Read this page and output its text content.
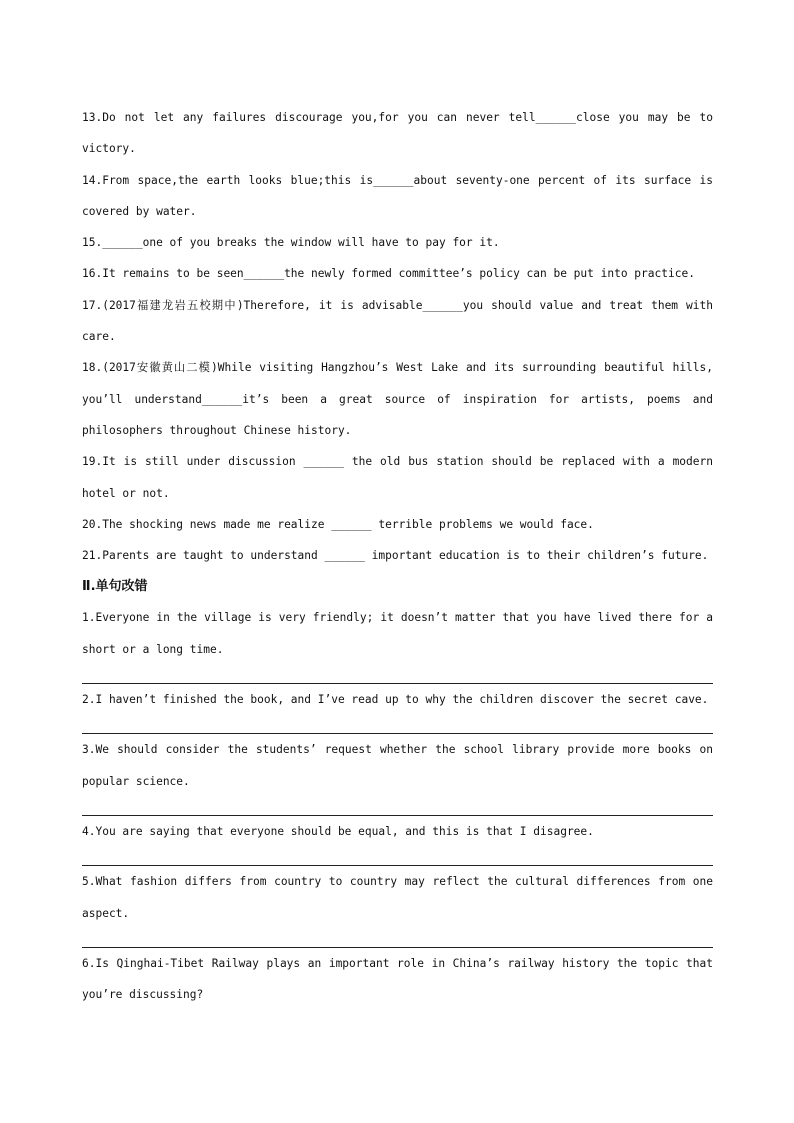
13.Do not let any failures discourage you,for you can never tell______close you may be to victory.
14.From space,the earth looks blue;this is______about seventy-one percent of its surface is covered by water.
15.______one of you breaks the window will have to pay for it.
16.It remains to be seen______the newly formed committee’s policy can be put into practice.
17.(2017福建龙岩五校期中)Therefore, it is advisable______you should value and treat them with care.
18.(2017安徽黄山二模)While visiting Hangzhou’s West Lake and its surrounding beautiful hills, you’ll understand______it’s been a great source of inspiration for artists, poems and philosophers throughout Chinese history.
19.It is still under discussion ______ the old bus station should be replaced with a modern hotel or not.
20.The shocking news made me realize ______ terrible problems we would face.
21.Parents are taught to understand ______ important education is to their children’s future.
Ⅱ.单句改错
1.Everyone in the village is very friendly; it doesn’t matter that you have lived there for a short or a long time.
2.I haven’t finished the book, and I’ve read up to why the children discover the secret cave.
3.We should consider the students’ request whether the school library provide more books on popular science.
4.You are saying that everyone should be equal, and this is that I disagree.
5.What fashion differs from country to country may reflect the cultural differences from one aspect.
6.Is Qinghai-Tibet Railway plays an important role in China’s railway history the topic that you’re discussing?
